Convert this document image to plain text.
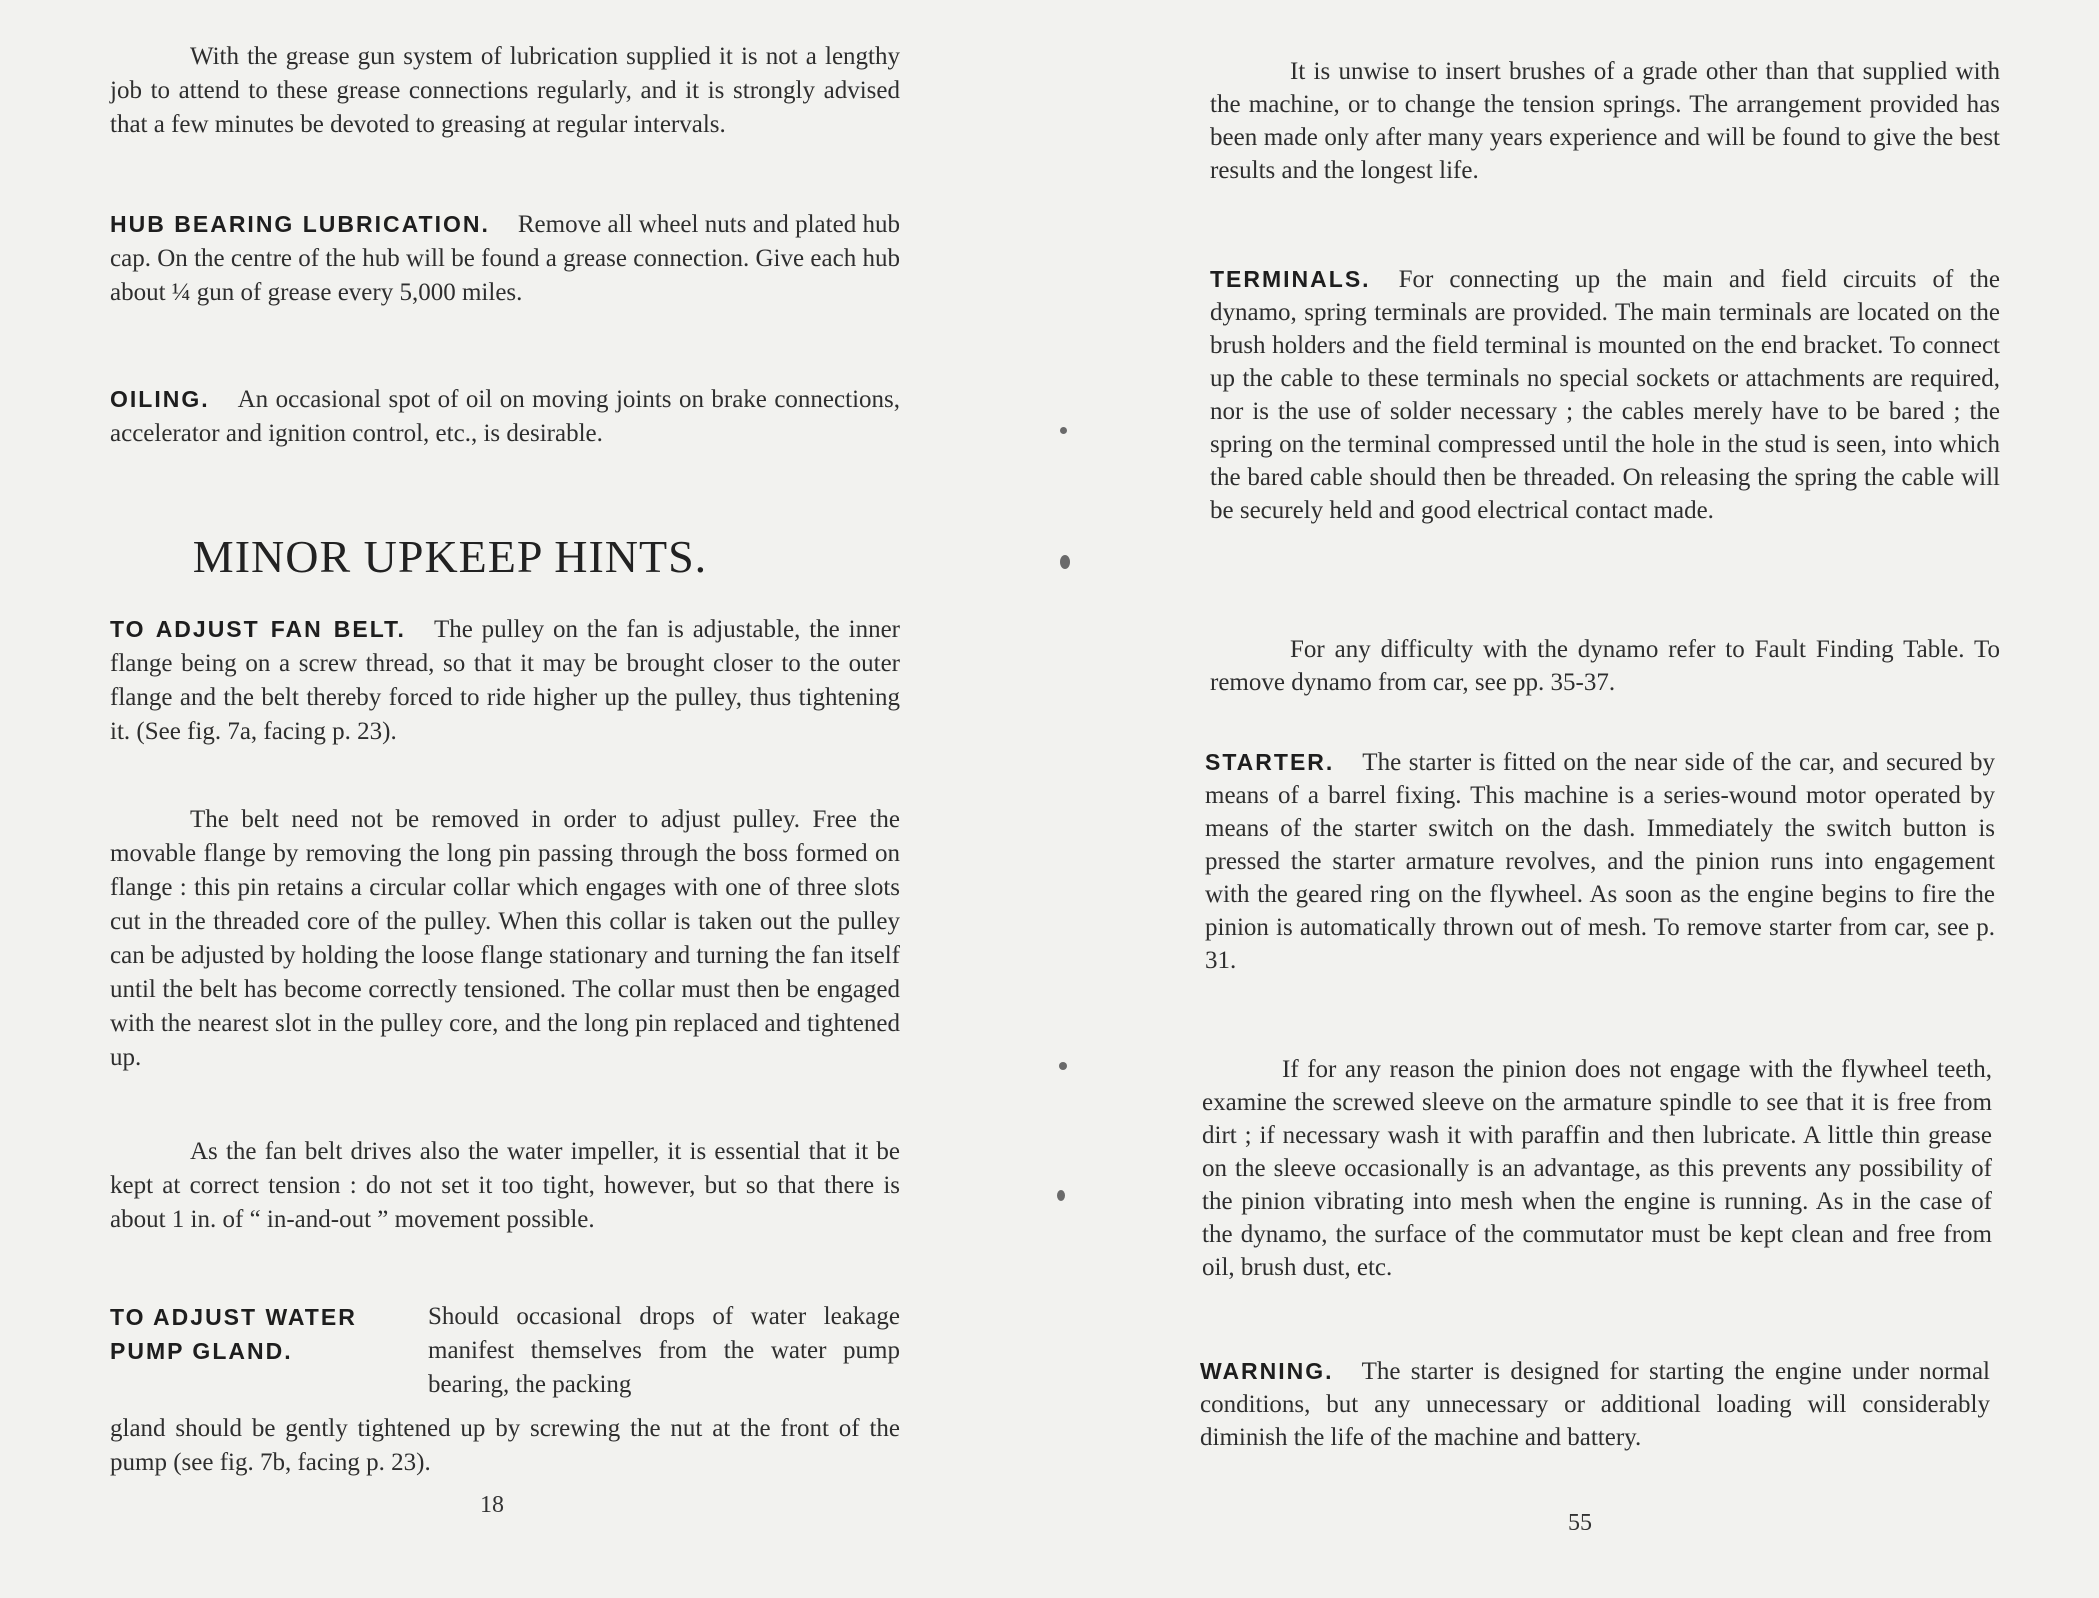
With the grease gun system of lubrication supplied it is not a lengthy job to attend to these grease connections regularly, and it is strongly advised that a few minutes be devoted to greasing at regular intervals.

HUB BEARING LUBRICATION. Remove all wheel nuts and plated hub cap. On the centre of the hub will be found a grease connection. Give each hub about ¼ gun of grease every 5,000 miles.

OILING. An occasional spot of oil on moving joints on brake connections, accelerator and ignition control, etc., is desirable.

MINOR UPKEEP HINTS.

TO ADJUST FAN BELT. The pulley on the fan is adjustable, the inner flange being on a screw thread, so that it may be brought closer to the outer flange and the belt thereby forced to ride higher up the pulley, thus tightening it. (See fig. 7a, facing p. 23).

The belt need not be removed in order to adjust pulley. Free the movable flange by removing the long pin passing through the boss formed on flange : this pin retains a circular collar which engages with one of three slots cut in the threaded core of the pulley. When this collar is taken out the pulley can be adjusted by holding the loose flange stationary and turning the fan itself until the belt has become correctly tensioned. The collar must then be engaged with the nearest slot in the pulley core, and the long pin replaced and tightened up.

As the fan belt drives also the water impeller, it is essential that it be kept at correct tension : do not set it too tight, however, but so that there is about 1 in. of “ in-and-out ” movement possible.

TO ADJUST WATER
PUMP GLAND.
Should occasional drops of water leakage manifest themselves from the water pump bearing, the packing

gland should be gently tightened up by screwing the nut at the front of the pump (see fig. 7b, facing p. 23).

18

It is unwise to insert brushes of a grade other than that supplied with the machine, or to change the tension springs. The arrangement provided has been made only after many years experience and will be found to give the best results and the longest life.

TERMINALS. For connecting up the main and field circuits of the dynamo, spring terminals are provided. The main terminals are located on the brush holders and the field terminal is mounted on the end bracket. To connect up the cable to these terminals no special sockets or attachments are required, nor is the use of solder necessary ; the cables merely have to be bared ; the spring on the terminal compressed until the hole in the stud is seen, into which the bared cable should then be threaded. On releasing the spring the cable will be securely held and good electrical contact made.

For any difficulty with the dynamo refer to Fault Finding Table. To remove dynamo from car, see pp. 35-37.

STARTER. The starter is fitted on the near side of the car, and secured by means of a barrel fixing. This machine is a series-wound motor operated by means of the starter switch on the dash. Immediately the switch button is pressed the starter armature revolves, and the pinion runs into engagement with the geared ring on the flywheel. As soon as the engine begins to fire the pinion is automatically thrown out of mesh. To remove starter from car, see p. 31.

If for any reason the pinion does not engage with the flywheel teeth, examine the screwed sleeve on the armature spindle to see that it is free from dirt ; if necessary wash it with paraffin and then lubricate. A little thin grease on the sleeve occasionally is an advantage, as this prevents any possibility of the pinion vibrating into mesh when the engine is running. As in the case of the dynamo, the surface of the commutator must be kept clean and free from oil, brush dust, etc.

WARNING. The starter is designed for starting the engine under normal conditions, but any unnecessary or additional loading will considerably diminish the life of the machine and battery.

55
